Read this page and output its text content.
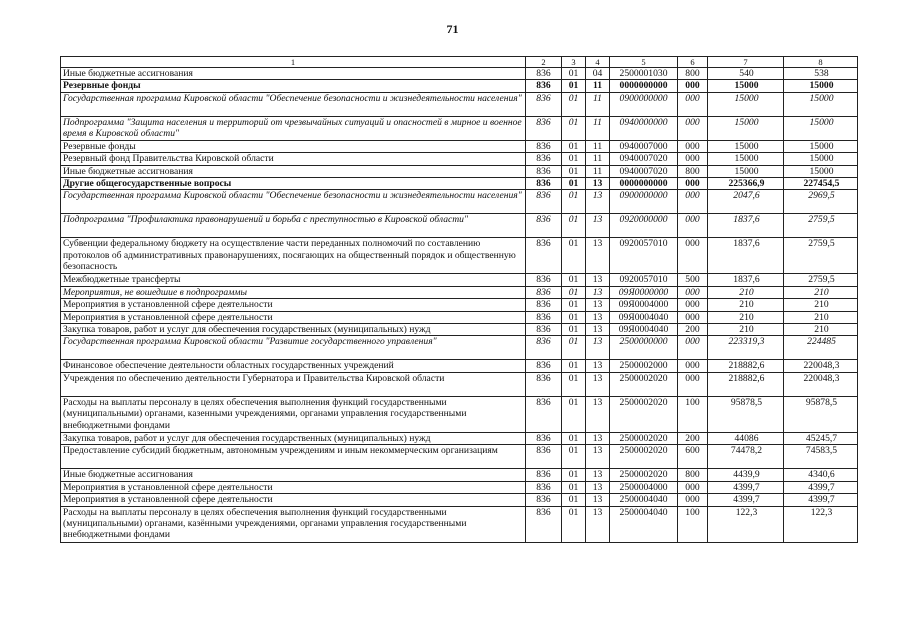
71
1	2	3	4	5	6	7	8
Иные бюджетные ассигнования	836	01	04	2500001030	800	540	538
Резервные фонды	836	01	11	0000000000	000	15000	15000
Государственная программа Кировской области "Обеспечение безопасности и жизнедеятельности населения"	836	01	11	0900000000	000	15000	15000
Подпрограмма "Защита населения и территорий от чрезвычайных ситуаций и опасностей в мирное и военное время в Кировской области"	836	01	11	0940000000	000	15000	15000
Резервные фонды	836	01	11	0940007000	000	15000	15000
Резервный фонд Правительства Кировской области	836	01	11	0940007020	000	15000	15000
Иные бюджетные ассигнования	836	01	11	0940007020	800	15000	15000
Другие общегосударственные вопросы	836	01	13	0000000000	000	225366,9	227454,5
Государственная программа Кировской области "Обеспечение безопасности и жизнедеятельности населения"	836	01	13	0900000000	000	2047,6	2969,5
Подпрограмма "Профилактика правонарушений и борьба с преступностью в Кировской области"	836	01	13	0920000000	000	1837,6	2759,5
Субвенции федеральному бюджету на осуществление части переданных полномочий по составлению протоколов об административных правонарушениях, посягающих на общественный порядок и общественную безопасность	836	01	13	0920057010	000	1837,6	2759,5
Межбюджетные трансферты	836	01	13	0920057010	500	1837,6	2759,5
Мероприятия, не вошедшие в подпрограммы	836	01	13	09Я0000000	000	210	210
Мероприятия в установленной сфере деятельности	836	01	13	09Я0004000	000	210	210
Мероприятия в установленной сфере деятельности	836	01	13	09Я0004040	000	210	210
Закупка товаров, работ и услуг для обеспечения государственных (муниципальных) нужд	836	01	13	09Я0004040	200	210	210
Государственная программа Кировской области "Развитие государственного управления"	836	01	13	2500000000	000	223319,3	224485
Финансовое обеспечение деятельности областных государственных учреждений	836	01	13	2500002000	000	218882,6	220048,3
Учреждения по обеспечению деятельности Губернатора и Правительства Кировской области	836	01	13	2500002020	000	218882,6	220048,3
Расходы на выплаты персоналу в целях обеспечения выполнения функций государственными (муниципальными) органами, казенными учреждениями, органами управления государственными внебюджетными фондами	836	01	13	2500002020	100	95878,5	95878,5
Закупка товаров, работ и услуг для обеспечения государственных (муниципальных) нужд	836	01	13	2500002020	200	44086	45245,7
Предоставление субсидий бюджетным, автономным учреждениям и иным некоммерческим организациям	836	01	13	2500002020	600	74478,2	74583,5
Иные бюджетные ассигнования	836	01	13	2500002020	800	4439,9	4340,6
Мероприятия в установленной сфере деятельности	836	01	13	2500004000	000	4399,7	4399,7
Мероприятия в установленной сфере деятельности	836	01	13	2500004040	000	4399,7	4399,7
Расходы на выплаты персоналу в целях обеспечения выполнения функций государственными (муниципальными) органами, казёнными учреждениями, органами управления государственными внебюджетными фондами	836	01	13	2500004040	100	122,3	122,3
